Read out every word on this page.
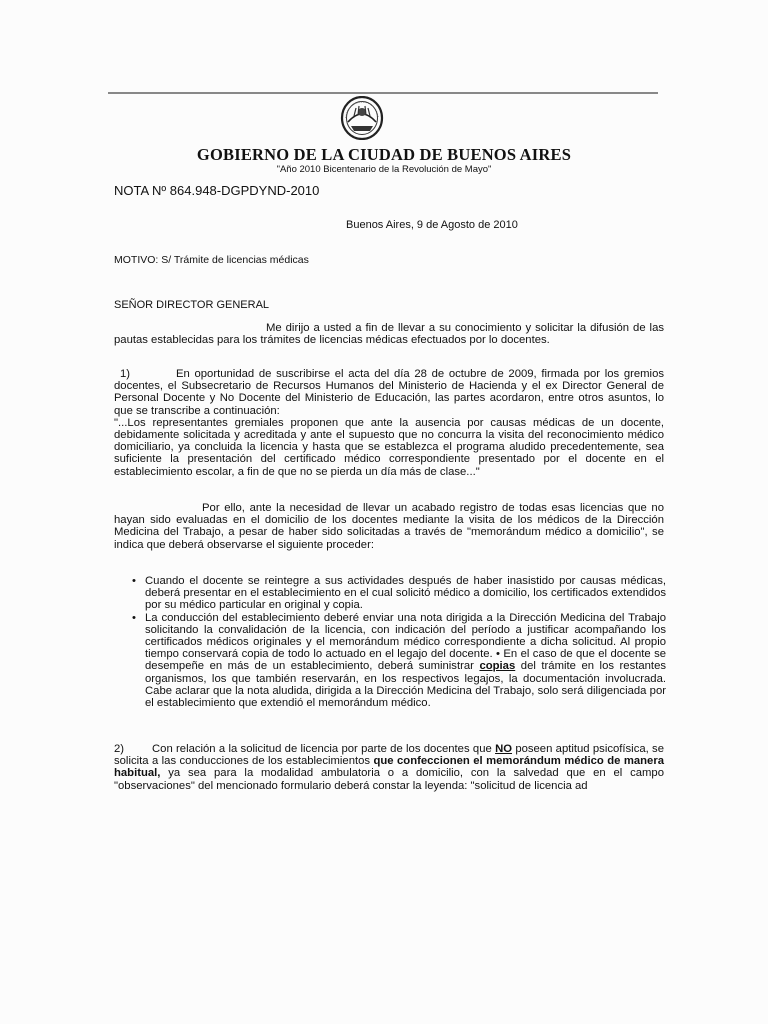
GOBIERNO DE LA CIUDAD DE BUENOS AIRES
"Año 2010 Bicentenario de la Revolución de Mayo"
NOTA Nº 864.948-DGPDYND-2010
Buenos Aires, 9 de Agosto de 2010
MOTIVO: S/ Trámite de licencias médicas
SEÑOR DIRECTOR GENERAL

Me dirijo a usted a fin de llevar a su conocimiento y solicitar la difusión de las pautas establecidas para los trámites de licencias médicas efectuados por lo docentes.

1)	En oportunidad de suscribirse el acta del día 28 de octubre de 2009, firmada por los gremios docentes, el Subsecretario de Recursos Humanos del Ministerio de Hacienda y el ex Director General de Personal Docente y No Docente del Ministerio de Educación, las partes acordaron, entre otros asuntos, lo que se transcribe a continuación:

"...Los representantes gremiales proponen que ante la ausencia por causas médicas de un docente, debidamente solicitada y acreditada y ante el supuesto que no concurra la visita del reconocimiento médico domiciliario, ya concluida la licencia y hasta que se establezca el programa aludido precedentemente, sea suficiente la presentación del certificado médico correspondiente presentado por el docente en el establecimiento escolar, a fin de que no se pierda un día más de clase..."

Por ello, ante la necesidad de llevar un acabado registro de todas esas licencias que no hayan sido evaluadas en el domicilio de los docentes mediante la visita de los médicos de la Dirección Medicina del Trabajo, a pesar de haber sido solicitadas a través de "memorándum médico a domicilio", se indica que deberá observarse el siguiente proceder:

• Cuando el docente se reintegre a sus actividades después de haber inasistido por causas médicas, deberá presentar en el establecimiento en el cual solicitó médico a domicilio, los certificados extendidos por su médico particular en original y copia.

• La conducción del establecimiento deberé enviar una nota dirigida a la Dirección Medicina del Trabajo solicitando la convalidación de la licencia, con indicación del período a justificar acompañando los certificados médicos originales y el memorándum médico correspondiente a dicha solicitud. Al propio tiempo conservará copia de todo lo actuado en el legajo del docente. • En el caso de que el docente se desempeñe en más de un establecimiento, deberá suministrar copias del trámite en los restantes organismos, los que también reservarán, en los respectivos legajos, la documentación involucrada. Cabe aclarar que la nota aludida, dirigida a la Dirección Medicina del Trabajo, solo será diligenciada por el establecimiento que extendió el memorándum médico.

2) Con relación a la solicitud de licencia por parte de los docentes que NO poseen aptitud psicofísica, se solicita a las conducciones de los establecimientos que confeccionen el memorándum médico de manera habitual, ya sea para la modalidad ambulatoria o a domicilio, con la salvedad que en el campo "observaciones" del mencionado formulario deberá constar la leyenda: "solicitud de licencia ad
